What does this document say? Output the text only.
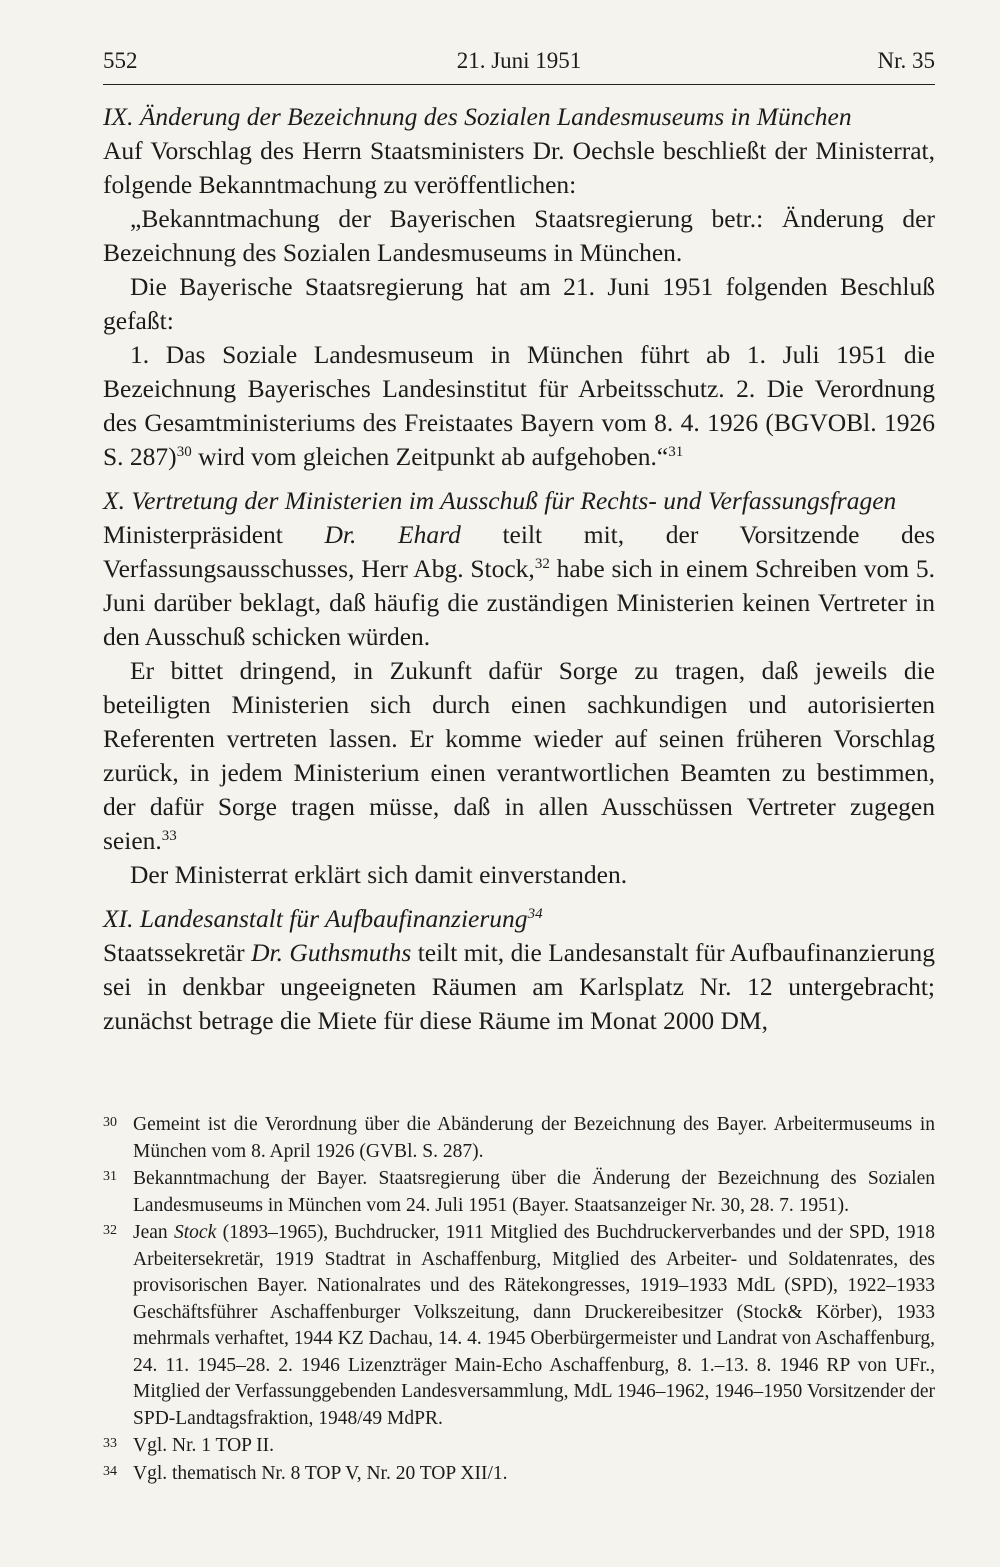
552	21. Juni 1951	Nr. 35

IX. Änderung der Bezeichnung des Sozialen Landesmuseums in München

Auf Vorschlag des Herrn Staatsministers Dr. Oechsle beschließt der Ministerrat, folgende Bekanntmachung zu veröffentlichen:

„Bekanntmachung der Bayerischen Staatsregierung betr.: Änderung der Bezeichnung des Sozialen Landesmuseums in München.

Die Bayerische Staatsregierung hat am 21. Juni 1951 folgenden Beschluß gefaßt:

1. Das Soziale Landesmuseum in München führt ab 1. Juli 1951 die Bezeichnung Bayerisches Landesinstitut für Arbeitsschutz. 2. Die Verordnung des Gesamtministeriums des Freistaates Bayern vom 8. 4. 1926 (BGVOBl. 1926 S. 287)$^{30}$ wird vom gleichen Zeitpunkt ab aufgehoben.“$^{31}$

X. Vertretung der Ministerien im Ausschuß für Rechts- und Verfassungsfragen

Ministerpräsident Dr. Ehard teilt mit, der Vorsitzende des Verfassungsausschusses, Herr Abg. Stock,$^{32}$ habe sich in einem Schreiben vom 5. Juni darüber beklagt, daß häufig die zuständigen Ministerien keinen Vertreter in den Ausschuß schicken würden.

Er bittet dringend, in Zukunft dafür Sorge zu tragen, daß jeweils die beteiligten Ministerien sich durch einen sachkundigen und autorisierten Referenten vertreten lassen. Er komme wieder auf seinen früheren Vorschlag zurück, in jedem Ministerium einen verantwortlichen Beamten zu bestimmen, der dafür Sorge tragen müsse, daß in allen Ausschüssen Vertreter zugegen seien.$^{33}$

Der Ministerrat erklärt sich damit einverstanden.

XI. Landesanstalt für Aufbaufinanzierung$^{34}$

Staatssekretär Dr. Guthsmuths teilt mit, die Landesanstalt für Aufbaufinanzierung sei in denkbar ungeeigneten Räumen am Karlsplatz Nr. 12 untergebracht; zunächst betrage die Miete für diese Räume im Monat 2000 DM,

30 Gemeint ist die Verordnung über die Abänderung der Bezeichnung des Bayer. Arbeitermuseums in München vom 8. April 1926 (GVBl. S. 287).

31 Bekanntmachung der Bayer. Staatsregierung über die Änderung der Bezeichnung des Sozialen Landesmuseums in München vom 24. Juli 1951 (Bayer. Staatsanzeiger Nr. 30, 28. 7. 1951).

32 Jean Stock (1893–1965), Buchdrucker, 1911 Mitglied des Buchdruckerverbandes und der SPD, 1918 Arbeitersekretär, 1919 Stadtrat in Aschaffenburg, Mitglied des Arbeiter- und Soldatenrates, des provisorischen Bayer. Nationalrates und des Rätekongresses, 1919–1933 MdL (SPD), 1922–1933 Geschäftsführer Aschaffenburger Volkszeitung, dann Druckereibesitzer (Stock& Körber), 1933 mehrmals verhaftet, 1944 KZ Dachau, 14. 4. 1945 Oberbürgermeister und Landrat von Aschaffenburg, 24. 11. 1945–28. 2. 1946 Lizenzträger Main-Echo Aschaffenburg, 8. 1.–13. 8. 1946 RP von UFr., Mitglied der Verfassunggebenden Landesversammlung, MdL 1946–1962, 1946–1950 Vorsitzender der SPD-Landtagsfraktion, 1948/49 MdPR.

33 Vgl. Nr. 1 TOP II.

34 Vgl. thematisch Nr. 8 TOP V, Nr. 20 TOP XII/1.
